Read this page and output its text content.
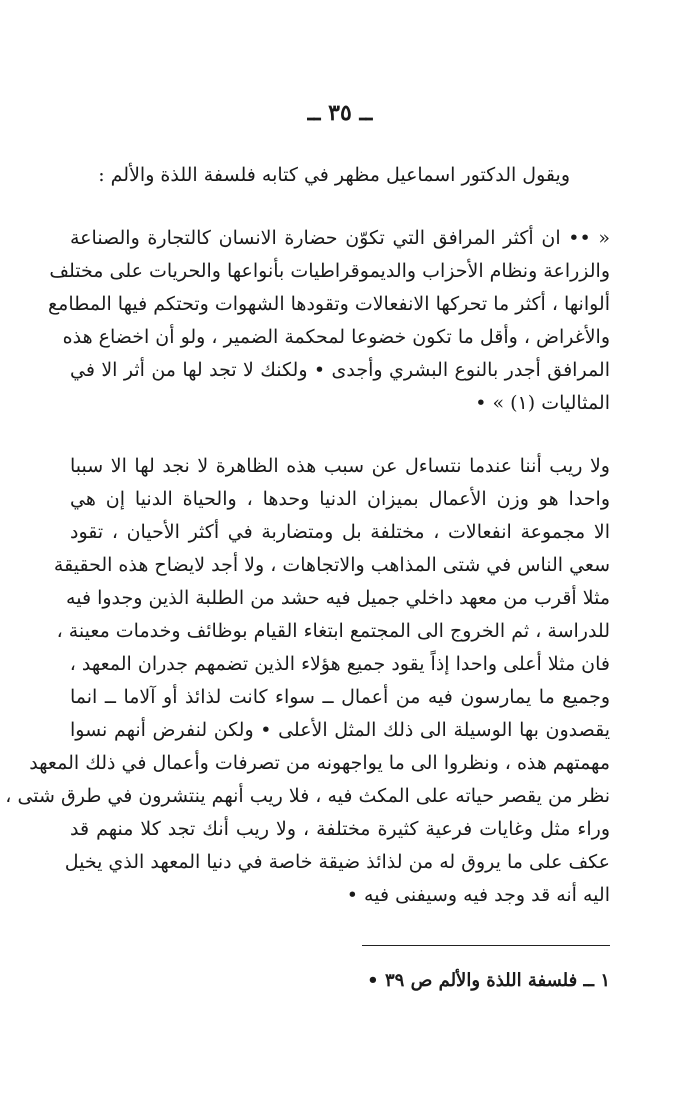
ــ ٣٥ ــ
ويقول الدكتور اسماعيل مظهر في كتابه فلسفة اللذة والألم :
« •• ان أكثر المرافق التي تكوّن حضارة الانسان كالتجارة والصناعة
والزراعة ونظام الأحزاب والديموقراطيات بأنواعها والحريات على مختلف
ألوانها ، أكثر ما تحركها الانفعالات وتقودها الشهوات وتحتكم فيها المطامع
والأغراض ، وأقل ما تكون خضوعا لمحكمة الضمير ، ولو أن اخضاع هذه
المرافق أجدر بالنوع البشري وأجدى • ولكنك لا تجد لها من أثر الا في
المثاليات (١) » •
ولا ريب أننا عندما نتساءل عن سبب هذه الظاهرة لا نجد لها الا سببا
واحدا هو وزن الأعمال بميزان الدنيا وحدها ، والحياة الدنيا إن هي
الا مجموعة انفعالات ، مختلفة بل ومتضاربة في أكثر الأحيان ، تقود
سعي الناس في شتى المذاهب والاتجاهات ، ولا أجد لايضاح هذه الحقيقة
مثلا أقرب من معهد داخلي جميل فيه حشد من الطلبة الذين وجدوا فيه
للدراسة ، ثم الخروج الى المجتمع ابتغاء القيام بوظائف وخدمات معينة ،
فان مثلا أعلى واحدا إذاً يقود جميع هؤلاء الذين تضمهم جدران المعهد ،
وجميع ما يمارسون فيه من أعمال ــ سواء كانت لذائذ أو آلاما ــ انما
يقصدون بها الوسيلة الى ذلك المثل الأعلى • ولكن لنفرض أنهم نسوا
مهمتهم هذه ، ونظروا الى ما يواجهونه من تصرفات وأعمال في ذلك المعهد
نظر من يقصر حياته على المكث فيه ، فلا ريب أنهم ينتشرون في طرق شتى ،
وراء مثل وغايات فرعية كثيرة مختلفة ، ولا ريب أنك تجد كلا منهم قد
عكف على ما يروق له من لذائذ ضيقة خاصة في دنيا المعهد الذي يخيل
اليه أنه قد وجد فيه وسيفنى فيه •
١ ــ فلسفة اللذة والألم ص ٣٩ •
